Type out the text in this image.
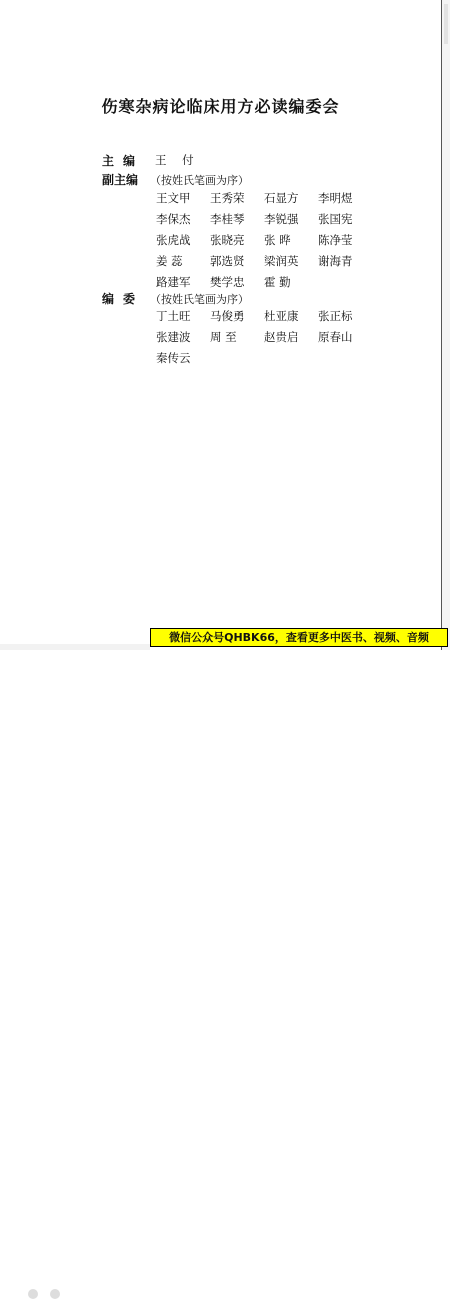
伤寒杂病论临床用方必读编委会
主编 王 付
副主编 （按姓氏笔画为序）
王文甲	王秀荣	石显方	李明煜
李保杰	李桂琴	李锐强	张国宪
张虎战	张晓亮	张 晔	陈净莹
姜 蕊	郭选贤	梁润英	谢海青
路建军	樊学忠	霍 勤
编委 （按姓氏笔画为序）
丁土旺	马俊勇	杜亚康	张正标
张建波	周 至	赵贵启	原春山
秦传云
微信公众号QHBK66，查看更多中医书、视频、音频
